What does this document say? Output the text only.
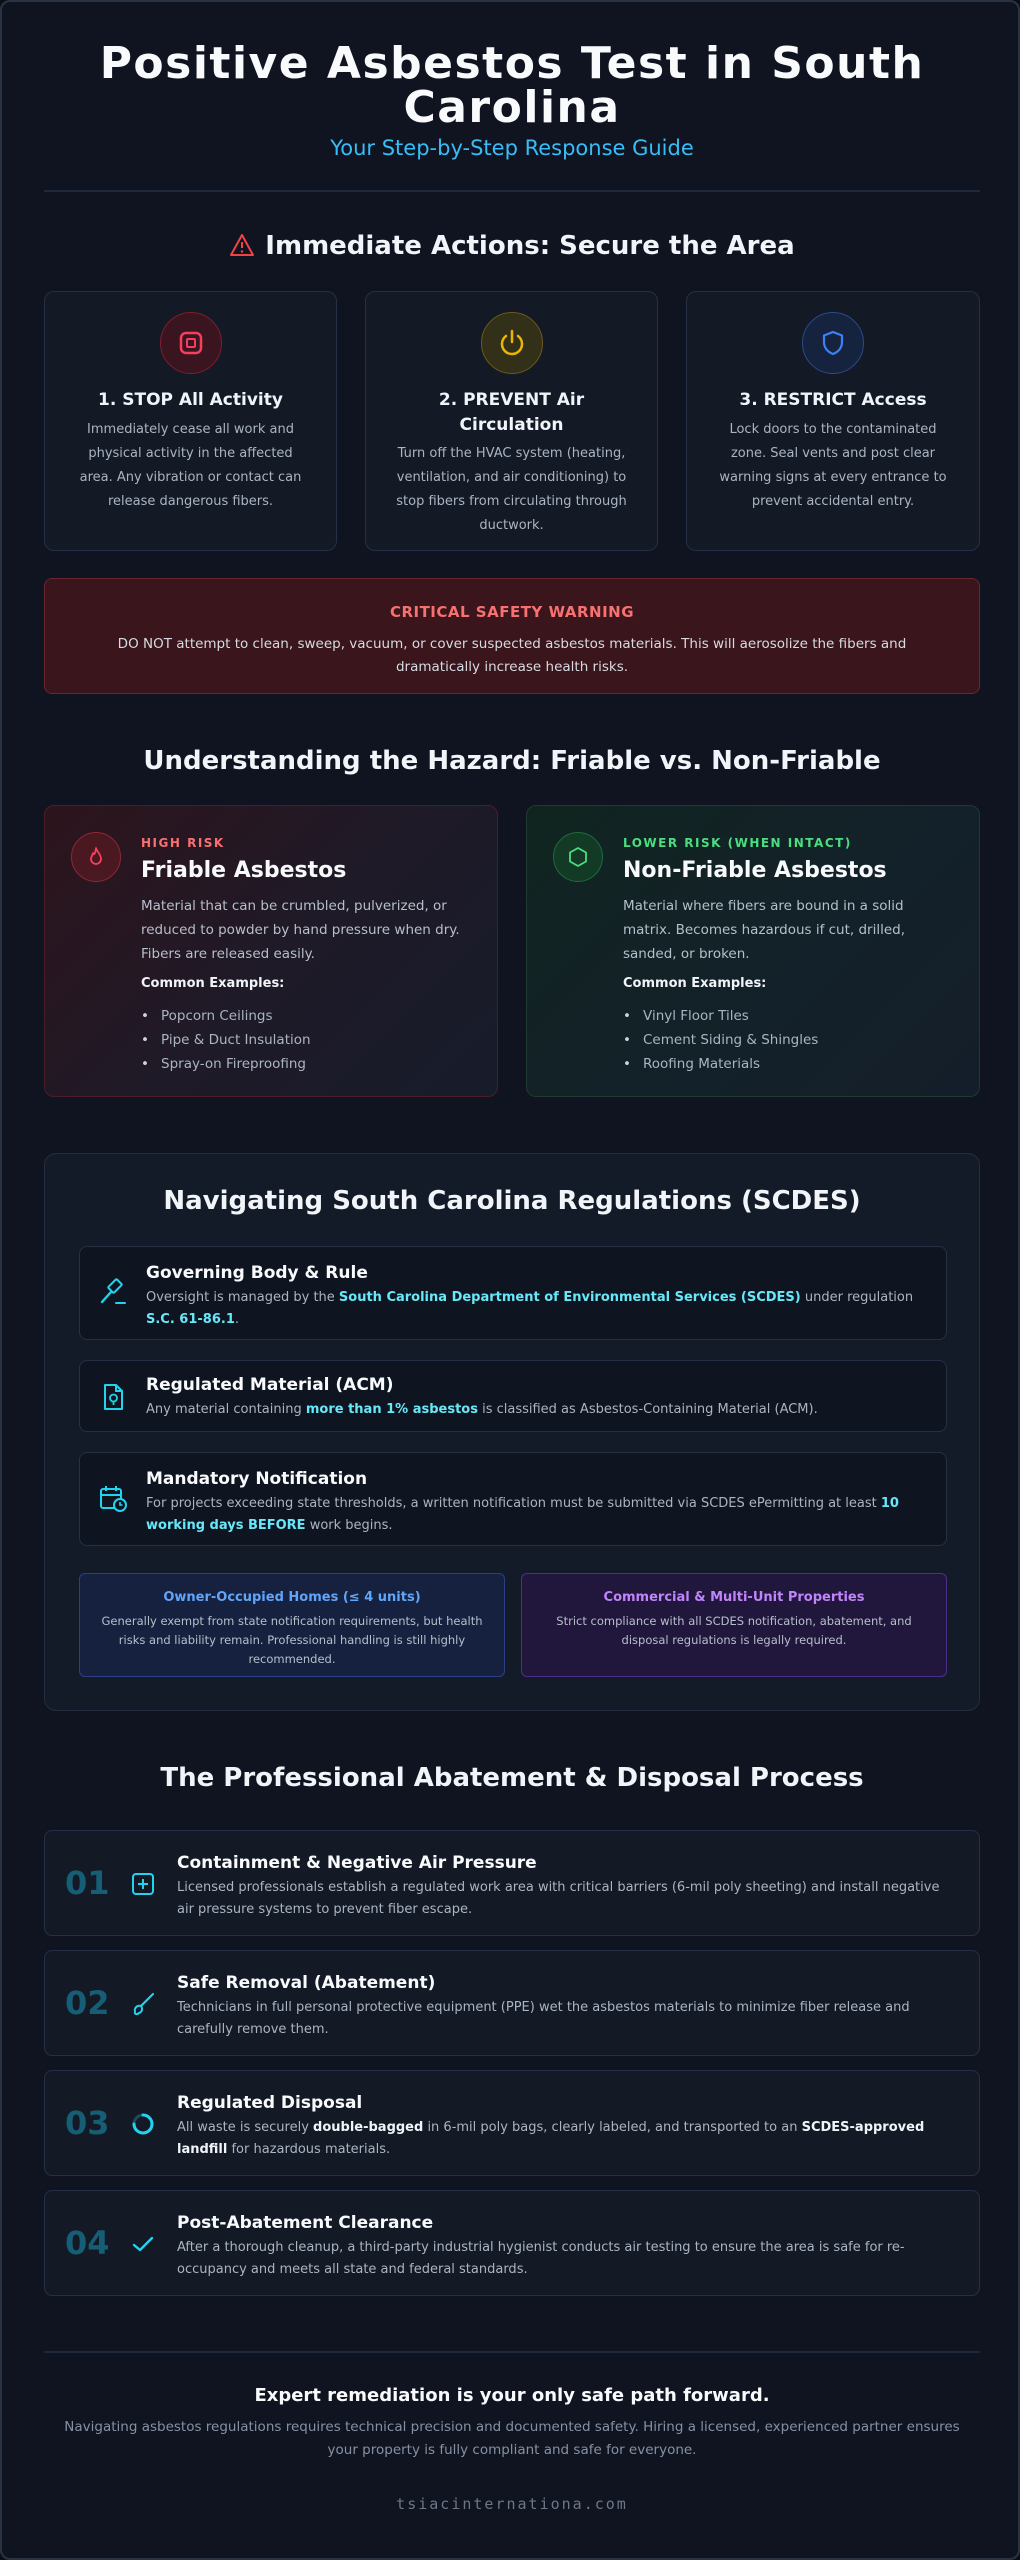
Positive Asbestos Test in South Carolina
Your Step-by-Step Response Guide
Immediate Actions: Secure the Area
1. STOP All Activity
Immediately cease all work and physical activity in the affected area. Any vibration or contact can release dangerous fibers.
2. PREVENT Air Circulation
Turn off the HVAC system (heating, ventilation, and air conditioning) to stop fibers from circulating through ductwork.
3. RESTRICT Access
Lock doors to the contaminated zone. Seal vents and post clear warning signs at every entrance to prevent accidental entry.
CRITICAL SAFETY WARNING
DO NOT attempt to clean, sweep, vacuum, or cover suspected asbestos materials. This will aerosolize the fibers and dramatically increase health risks.
Understanding the Hazard: Friable vs. Non-Friable
HIGH RISK
Friable Asbestos
Material that can be crumbled, pulverized, or reduced to powder by hand pressure when dry. Fibers are released easily.
Common Examples:
• Popcorn Ceilings
• Pipe & Duct Insulation
• Spray-on Fireproofing
LOWER RISK (WHEN INTACT)
Non-Friable Asbestos
Material where fibers are bound in a solid matrix. Becomes hazardous if cut, drilled, sanded, or broken.
Common Examples:
• Vinyl Floor Tiles
• Cement Siding & Shingles
• Roofing Materials
Navigating South Carolina Regulations (SCDES)
Governing Body & Rule
Oversight is managed by the South Carolina Department of Environmental Services (SCDES) under regulation S.C. 61-86.1.
Regulated Material (ACM)
Any material containing more than 1% asbestos is classified as Asbestos-Containing Material (ACM).
Mandatory Notification
For projects exceeding state thresholds, a written notification must be submitted via SCDES ePermitting at least 10 working days BEFORE work begins.
Owner-Occupied Homes (≤ 4 units)
Generally exempt from state notification requirements, but health risks and liability remain. Professional handling is still highly recommended.
Commercial & Multi-Unit Properties
Strict compliance with all SCDES notification, abatement, and disposal regulations is legally required.
The Professional Abatement & Disposal Process
01
Containment & Negative Air Pressure
Licensed professionals establish a regulated work area with critical barriers (6-mil poly sheeting) and install negative air pressure systems to prevent fiber escape.
02
Safe Removal (Abatement)
Technicians in full personal protective equipment (PPE) wet the asbestos materials to minimize fiber release and carefully remove them.
03
Regulated Disposal
All waste is securely double-bagged in 6-mil poly bags, clearly labeled, and transported to an SCDES-approved landfill for hazardous materials.
04
Post-Abatement Clearance
After a thorough cleanup, a third-party industrial hygienist conducts air testing to ensure the area is safe for re-occupancy and meets all state and federal standards.
Expert remediation is your only safe path forward.
Navigating asbestos regulations requires technical precision and documented safety. Hiring a licensed, experienced partner ensures your property is fully compliant and safe for everyone.
tsiacinternationa.com
